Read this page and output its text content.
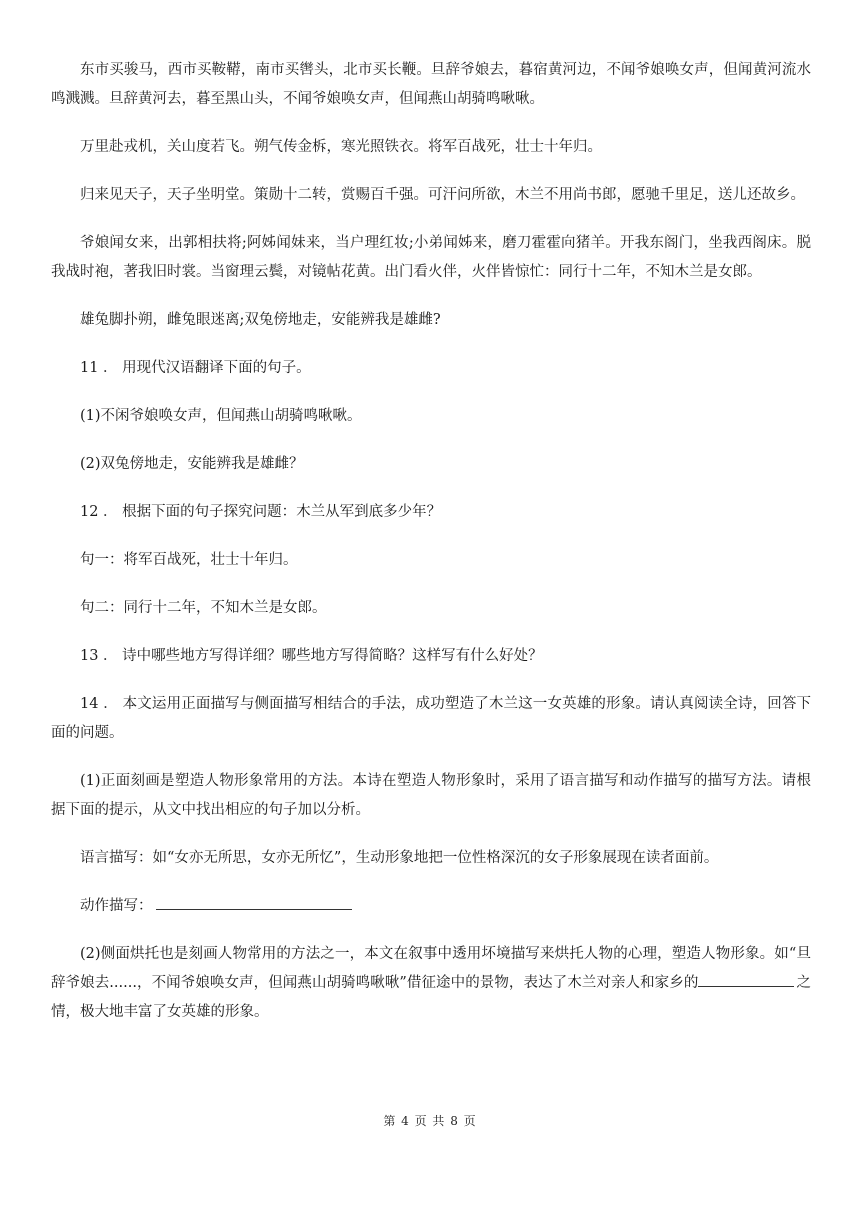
东市买骏马，西市买鞍鞯，南市买辔头，北市买长鞭。旦辞爷娘去，暮宿黄河边，不闻爷娘唤女声，但闻黄河流水鸣溅溅。旦辞黄河去，暮至黑山头，不闻爷娘唤女声，但闻燕山胡骑鸣啾啾。

万里赴戎机，关山度若飞。朔气传金柝，寒光照铁衣。将军百战死，壮士十年归。

归来见天子，天子坐明堂。策勋十二转，赏赐百千强。可汗问所欲，木兰不用尚书郎，愿驰千里足，送儿还故乡。

爷娘闻女来，出郭相扶将;阿姊闻妹来，当户理红妆;小弟闻姊来，磨刀霍霍向猪羊。开我东阁门，坐我西阁床。脱我战时袍，著我旧时裳。当窗理云鬓，对镜帖花黄。出门看火伴，火伴皆惊忙：同行十二年，不知木兰是女郎。

雄兔脚扑朔，雌兔眼迷离;双兔傍地走，安能辨我是雄雌?

11 ． 用现代汉语翻译下面的句子。

(1)不闲爷娘唤女声，但闻燕山胡骑鸣啾啾。

(2)双兔傍地走，安能辨我是雄雌？

12 ． 根据下面的句子探究问题：木兰从军到底多少年？

句一：将军百战死，壮士十年归。

句二：同行十二年，不知木兰是女郎。

13 ． 诗中哪些地方写得详细？哪些地方写得简略？这样写有什么好处？

14 ． 本文运用正面描写与侧面描写相结合的手法，成功塑造了木兰这一女英雄的形象。请认真阅读全诗，回答下面的问题。

(1)正面刻画是塑造人物形象常用的方法。本诗在塑造人物形象时，采用了语言描写和动作描写的描写方法。请根据下面的提示，从文中找出相应的句子加以分析。

语言描写：如“女亦无所思，女亦无所忆”，生动形象地把一位性格深沉的女子形象展现在读者面前。

动作描写：

(2)侧面烘托也是刻画人物常用的方法之一，本文在叙事中透用坏境描写来烘托人物的心理，塑造人物形象。如“旦辞爷娘去......，不闻爷娘唤女声，但闻燕山胡骑鸣啾啾”借征途中的景物，表达了木兰对亲人和家乡的	之情，极大地丰富了女英雄的形象。

第 4 页 共 8 页
